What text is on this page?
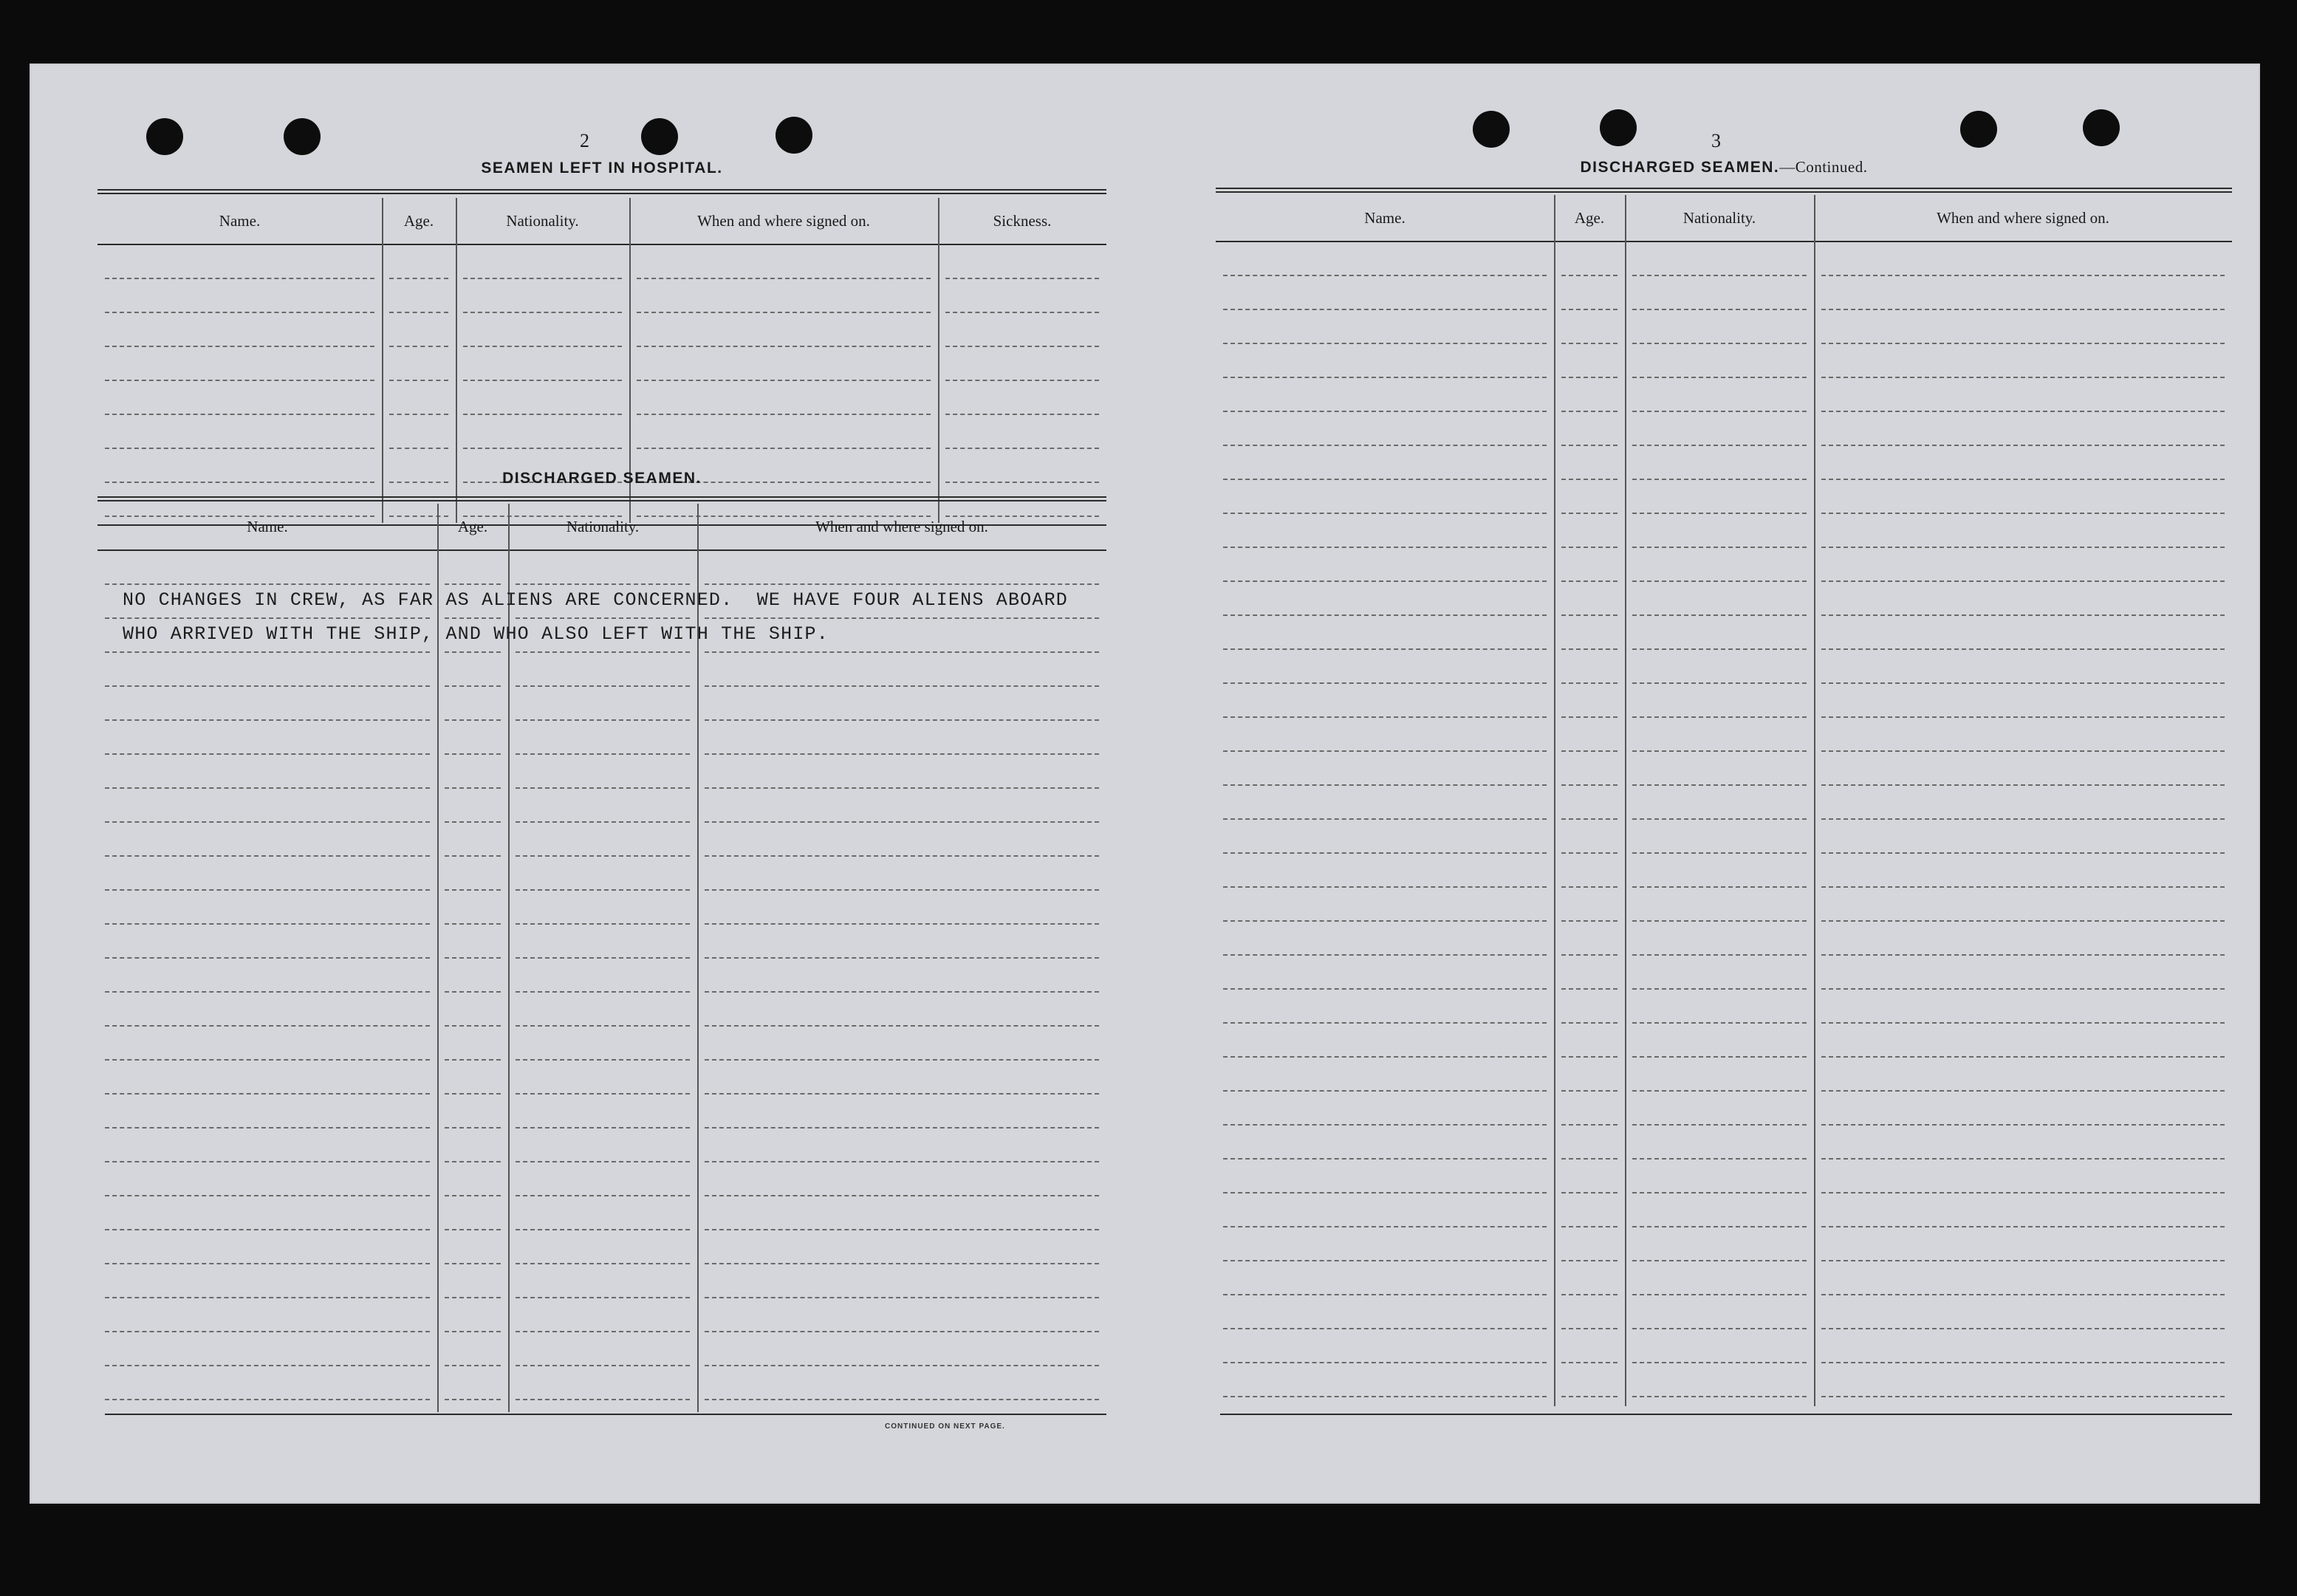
2
SEAMEN LEFT IN HOSPITAL.
Name.	Age.	Nationality.	When and where signed on.	Sickness.
DISCHARGED SEAMEN.
Name.	Age.	Nationality.	When and where signed on.
NO CHANGES IN CREW, AS FAR AS ALIENS ARE CONCERNED.  WE HAVE FOUR ALIENS ABOARD
WHO ARRIVED WITH THE SHIP, AND WHO ALSO LEFT WITH THE SHIP.
CONTINUED ON NEXT PAGE.
3
DISCHARGED SEAMEN.—Continued.
Name.	Age.	Nationality.	When and where signed on.
